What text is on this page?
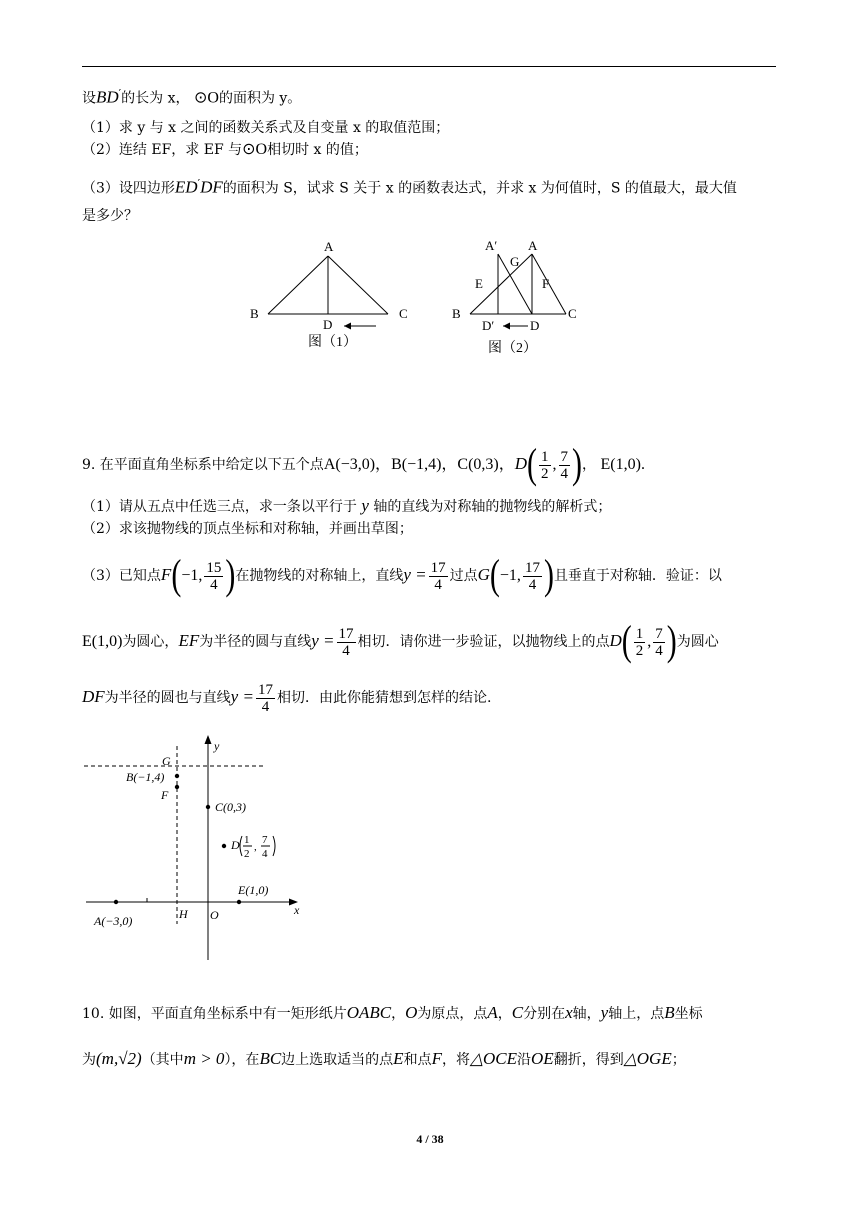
设BD′的长为 x， ⊙O的面积为 y。
（1）求 y 与 x 之间的函数关系式及自变量 x 的取值范围；
（2）连结 EF，求 EF 与⊙O相切时 x 的值；
（3）设四边形ED′DF的面积为 S，试求 S 关于 x 的函数表达式，并求 x 为何值时，S 的值最大，最大值
是多少？
A
B	C
D
图（1）
A′
G
A
E	F
B
D′	D
C
图（2）
9. 在平面直角坐标系中给定以下五个点A(−3,0)，B(−1,4)，C(0,3)，$D( \frac{1}{2}$ , $\frac{7}{4}$ )， E(1,0).
（1）请从五点中任选三点，求一条以平行于 y 轴的直线为对称轴的抛物线的解析式；
（2）求该抛物线的顶点坐标和对称轴，并画出草图；
（3）已知点F(−1, $\frac{15}{4}$ )在抛物线的对称轴上，直线$y = \frac{17}{4}$ 过点G(−1, $\frac{17}{4}$ )且垂直于对称轴．验证：以
E(1,0)为圆心，EF为半径的圆与直线$y = \frac{17}{4}$ 相切．请你进一步验证，以抛物线上的点$D( \frac{1}{2}$ , $\frac{7}{4}$ )为圆心
DF为半径的圆也与直线$y = \frac{17}{4}$ 相切．由此你能猜想到怎样的结论.
y
x
O
G
B(−1,4)
F
C(0,3)
D 1
2
,
7
4
E(1,0)
A(−3,0)	H
10. 如图，平面直角坐标系中有一矩形纸片OABC，O为原点，点A，C分别在x轴，y轴上，点B坐标
为(m,√2)（其中m > 0），在BC边上选取适当的点E和点F，将△OCE沿OE翻折，得到△OGE；
4 / 38
